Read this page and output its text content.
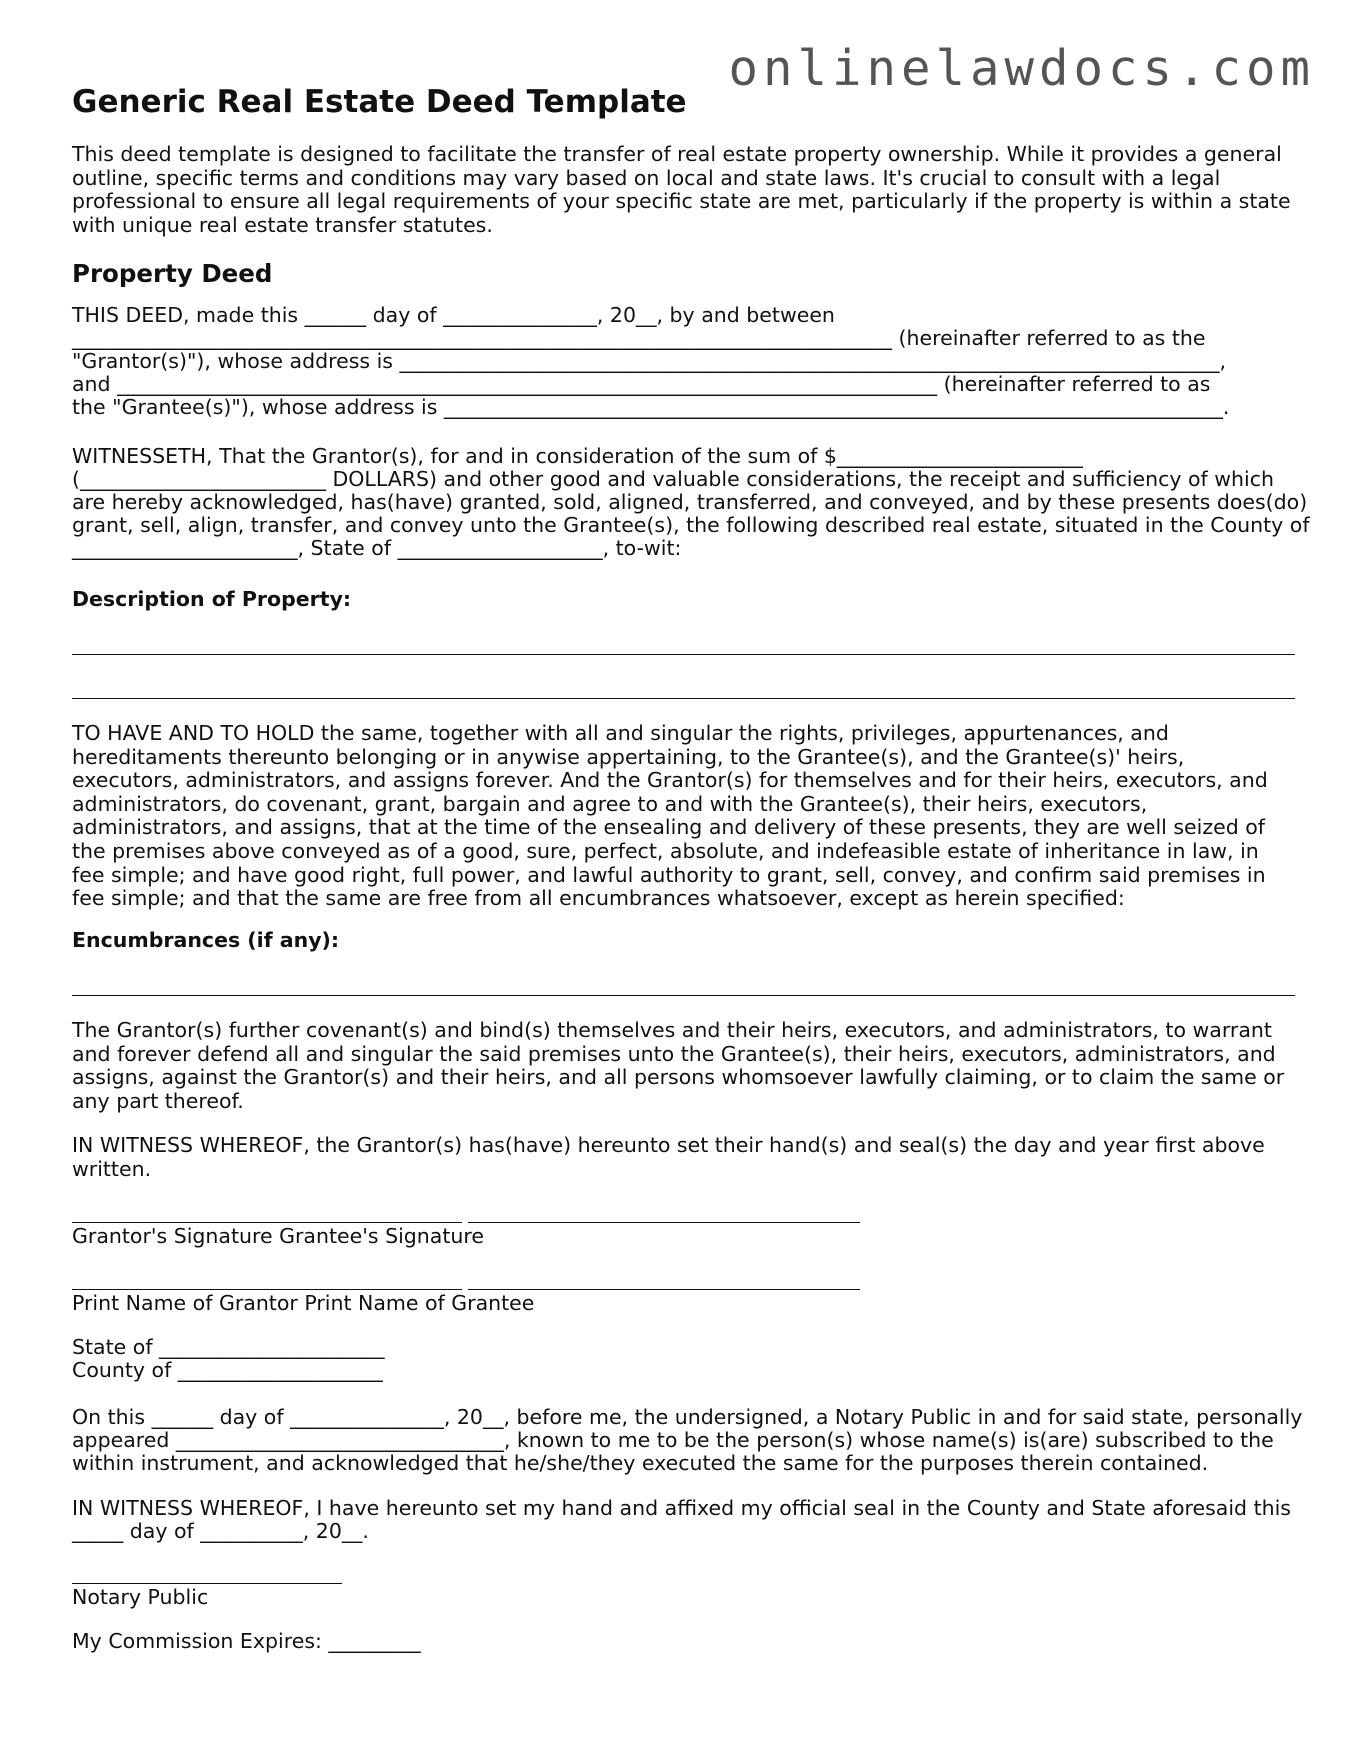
onlinelawdocs.com
Generic Real Estate Deed Template

This deed template is designed to facilitate the transfer of real estate property ownership. While it provides a general outline, specific terms and conditions may vary based on local and state laws. It's crucial to consult with a legal professional to ensure all legal requirements of your specific state are met, particularly if the property is within a state with unique real estate transfer statutes.

Property Deed

THIS DEED, made this ______ day of _______________, 20__, by and between

________________________________________________________________________________ (hereinafter referred to as the

"Grantor(s)"), whose address is ________________________________________________________________________________,

and ________________________________________________________________________________ (hereinafter referred to as

the "Grantee(s)"), whose address is ____________________________________________________________________________.

WITNESSETH, That the Grantor(s), for and in consideration of the sum of $________________________

(________________________ DOLLARS) and other good and valuable considerations, the receipt and sufficiency of which

are hereby acknowledged, has(have) granted, sold, aligned, transferred, and conveyed, and by these presents does(do)

grant, sell, align, transfer, and convey unto the Grantee(s), the following described real estate, situated in the County of

______________________, State of ____________________, to-wit:

Description of Property:

TO HAVE AND TO HOLD the same, together with all and singular the rights, privileges, appurtenances, and hereditaments thereunto belonging or in anywise appertaining, to the Grantee(s), and the Grantee(s)' heirs, executors, administrators, and assigns forever. And the Grantor(s) for themselves and for their heirs, executors, and administrators, do covenant, grant, bargain and agree to and with the Grantee(s), their heirs, executors, administrators, and assigns, that at the time of the ensealing and delivery of these presents, they are well seized of the premises above conveyed as of a good, sure, perfect, absolute, and indefeasible estate of inheritance in law, in fee simple; and have good right, full power, and lawful authority to grant, sell, convey, and confirm said premises in fee simple; and that the same are free from all encumbrances whatsoever, except as herein specified:

Encumbrances (if any):

The Grantor(s) further covenant(s) and bind(s) themselves and their heirs, executors, and administrators, to warrant and forever defend all and singular the said premises unto the Grantee(s), their heirs, executors, administrators, and assigns, against the Grantor(s) and their heirs, and all persons whomsoever lawfully claiming, or to claim the same or any part thereof.

IN WITNESS WHEREOF, the Grantor(s) has(have) hereunto set their hand(s) and seal(s) the day and year first above written.

Grantor's Signature Grantee's Signature

Print Name of Grantor Print Name of Grantee

State of ______________________

County of ____________________

On this ______ day of _______________, 20__, before me, the undersigned, a Notary Public in and for said state, personally

appeared ________________________________, known to me to be the person(s) whose name(s) is(are) subscribed to the

within instrument, and acknowledged that he/she/they executed the same for the purposes therein contained.

IN WITNESS WHEREOF, I have hereunto set my hand and affixed my official seal in the County and State aforesaid this

_____ day of __________, 20__.

Notary Public

My Commission Expires: _________
